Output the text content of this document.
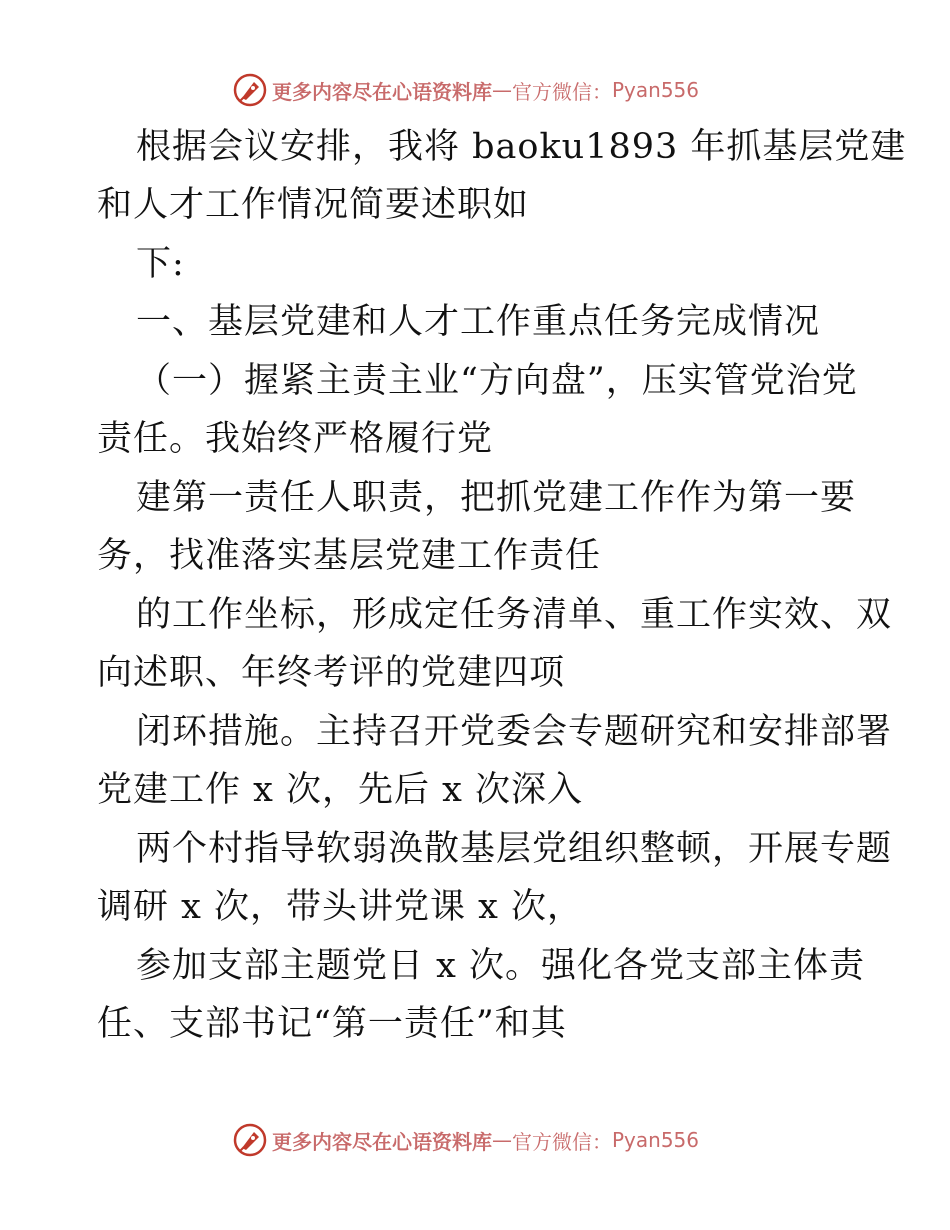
更多内容尽在心语资料库 — 官方微信： Pyan556
根据会议安排，我将 baoku1893 年抓基层党建
和人才工作情况简要述职如
下:
一、基层党建和人才工作重点任务完成情况
（一）握紧主责主业“方向盘”，压实管党治党
责任。我始终严格履行党
建第一责任人职责，把抓党建工作作为第一要
务，找准落实基层党建工作责任
的工作坐标，形成定任务清单、重工作实效、双
向述职、年终考评的党建四项
闭环措施。主持召开党委会专题研究和安排部署
党建工作 x 次，先后 x 次深入
两个村指导软弱涣散基层党组织整顿，开展专题
调研 x 次，带头讲党课 x 次，
参加支部主题党日 x 次。强化各党支部主体责
任、支部书记“第一责任”和其
更多内容尽在心语资料库 — 官方微信： Pyan556
